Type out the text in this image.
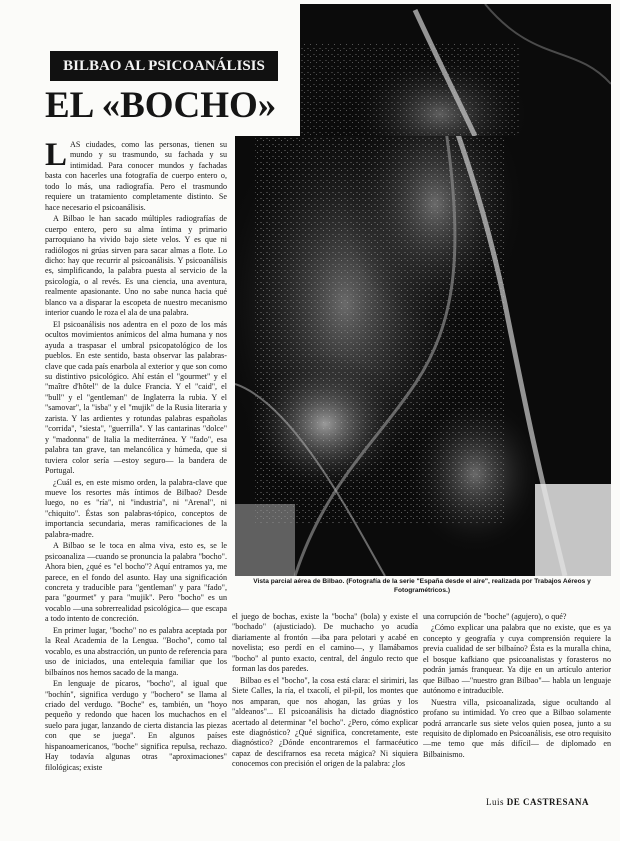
BILBAO AL PSICOANÁLISIS
EL «BOCHO»

LAS ciudades, como las personas, tienen su mundo y su trasmundo, su fachada y su intimidad. Para conocer mundos y fachadas basta con hacerles una fotografía de cuerpo entero o, todo lo más, una radiografía. Pero el trasmundo requiere un tratamiento completamente distinto. Se hace necesario el psicoanálisis.

A Bilbao le han sacado múltiples radiografías de cuerpo entero, pero su alma íntima y primario parroquiano ha vivido bajo siete velos. Y es que ni radiólogos ni grúas sirven para sacar almas a flote. Lo dicho: hay que recurrir al psicoanálisis. Y psicoanálisis es, simplificando, la palabra puesta al servicio de la psicología, o al revés. Es una ciencia, una aventura, realmente apasionante. Uno no sabe nunca hacia qué blanco va a disparar la escopeta de nuestro mecanismo interior cuando le roza el ala de una palabra.

El psicoanálisis nos adentra en el pozo de los más ocultos movimientos anímicos del alma humana y nos ayuda a traspasar el umbral psicopatológico de los pueblos. En este sentido, basta observar las palabras-clave que cada país enarbola al exterior y que son como su distintivo psicológico. Ahí están el "gourmet" y el "maître d'hôtel" de la dulce Francia. Y el "caid", el "bull" y el "gentleman" de Inglaterra la rubia. Y el "samovar", la "isba" y el "mujik" de la Rusia literaria y zarista. Y las ardientes y rotundas palabras españolas "corrida", "siesta", "guerrilla". Y las cantarinas "dolce" y "madonna" de Italia la mediterránea. Y "fado", esa palabra tan grave, tan melancólica y húmeda, que si tuviera color sería —estoy seguro— la bandera de Portugal.

¿Cuál es, en este mismo orden, la palabra-clave que mueve los resortes más íntimos de Bilbao? Desde luego, no es "ría", ni "industria", ni "Arenal", ni "chiquito". Éstas son palabras-tópico, conceptos de importancia secundaria, meras ramificaciones de la palabra-madre.

A Bilbao se le toca en alma viva, esto es, se le psicoanaliza —cuando se pronuncia la palabra "bocho". Ahora bien, ¿qué es "el bocho"? Aquí entramos ya, me parece, en el fondo del asunto. Hay una significación concreta y traducible para "gentleman" y para "fado", para "gourmet" y para "mujik". Pero "bocho" es un vocablo —una sobrerrealidad psicológica— que escapa a todo intento de concreción.

En primer lugar, "bocho" no es palabra aceptada por la Real Academia de la Lengua. "Bocho", como tal vocablo, es una abstracción, un punto de referencia para uso de iniciados, una entelequia familiar que los bilbaínos nos hemos sacado de la manga.

En lenguaje de pícaros, "bocho", al igual que "bochín", significa verdugo y "bochero" se llama al criado del verdugo. "Boche" es, también, un "hoyo pequeño y redondo que hacen los muchachos en el suelo para jugar, lanzando de cierta distancia las piezas con que se juega". En algunos países hispanoamericanos, "boche" significa repulsa, rechazo. Hay todavía algunas otras "aproximaciones" filológicas; existe

Vista parcial aérea de Bilbao. (Fotografía de la serie "España desde el aire", realizada por Trabajos Aéreos y Fotogramétricos.)

el juego de bochas, existe la "bocha" (bola) y existe el "bochado" (ajusticiado). De muchacho yo acudía diariamente al frontón —iba para pelotari y acabé en novelista; eso perdí en el camino—, y llamábamos "bocho" al punto exacto, central, del ángulo recto que forman las dos paredes.

Bilbao es el "bocho", la cosa está clara: el sirimiri, las Siete Calles, la ría, el txacolí, el pil-pil, los montes que nos amparan, que nos ahogan, las grúas y los "aldeanos"... El psicoanálisis ha dictado diagnóstico acertado al determinar "el bocho". ¿Pero, cómo explicar este diagnóstico? ¿Qué significa, concretamente, este diagnóstico? ¿Dónde encontraremos el farmacéutico capaz de descifrarnos esa receta mágica? Ni siquiera conocemos con precisión el origen de la palabra: ¿los

una corrupción de "boche" (agujero), o qué?

¿Cómo explicar una palabra que no existe, que es ya concepto y geografía y cuya comprensión requiere la previa cualidad de ser bilbaíno? Ésta es la muralla china, el bosque kafkiano que psicoanalistas y forasteros no podrán jamás franquear. Ya dije en un artículo anterior que Bilbao —"nuestro gran Bilbao"— habla un lenguaje autónomo e intraducible.

Nuestra villa, psicoanalizada, sigue ocultando al profano su intimidad. Yo creo que a Bilbao solamente podrá arrancarle sus siete velos quien posea, junto a su requisito de diplomado en Psicoanálisis, ese otro requisito —me temo que más difícil— de diplomado en Bilbainismo.

Luis DE CASTRESANA
